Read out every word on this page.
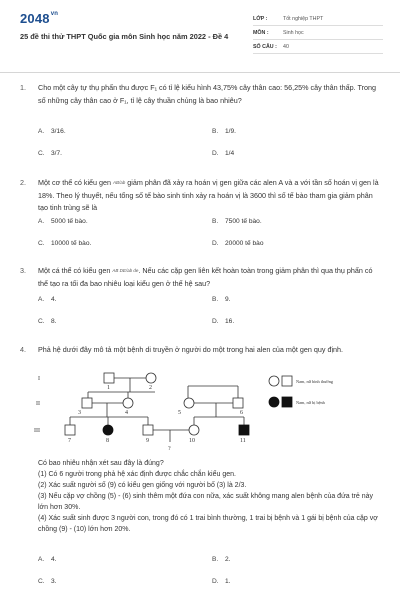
$2048^{vn}$
25 đề thi thử THPT Quốc gia môn Sinh học năm 2022 - Đề 4
LỚP :	Tốt nghiệp THPT
MÔN :	Sinh học
SỐ CÂU :	40
1.	Cho một cây tự thụ phấn thu được F₁ có tỉ lệ kiểu hình 43,75% cây thân cao: 56,25% cây thân thấp. Trong số những cây thân cao ở F₁, tỉ lệ cây thuần chủng là bao nhiêu?
A. 3/16.	B. 1/9.
C. 3/7.	D. 1/4
2.	Một cơ thể có kiểu gen AB/ab giảm phân đã xảy ra hoán vị gen giữa các alen A và a với tần số hoán vị gen là 18%. Theo lý thuyết, nếu tổng số tế bào sinh tinh xảy ra hoán vị là 3600 thì số tế bào tham gia giảm phân tạo tinh trùng sẽ là
A. 5000 tế bào.	B. 7500 tế bào.
C. 10000 tế bào.	D. 20000 tế bào
3.	Một cá thể có kiểu gen AB DE/ab de. Nếu các cặp gen liên kết hoàn toàn trong giảm phân thì qua thụ phấn có thể tạo ra tối đa bao nhiêu loại kiểu gen ở thế hệ sau?
A. 4.	B. 9.
C. 8.	D. 16.
4.	Phả hệ dưới đây mô tả một bệnh di truyền ở người do một trong hai alen của một gen quy định.
I
II
III
1	2
3	4	5	6
7	8	9	10	11
?
Nam, nữ bình thường
Nam, nữ bị bệnh
Có bao nhiêu nhận xét sau đây là đúng?
(1) Có 6 người trong phả hệ xác định được chắc chắn kiểu gen.
(2) Xác suất người số (9) có kiểu gen giống với người bố (3) là 2/3.
(3) Nếu cặp vợ chồng (5) - (6) sinh thêm một đứa con nữa, xác suất không mang alen bệnh của đứa trẻ này lớn hơn 30%.
(4) Xác suất sinh được 3 người con, trong đó có 1 trai bình thường, 1 trai bị bệnh và 1 gái bị bệnh của cặp vợ chồng (9) - (10) lớn hơn 20%.
A. 4.	B. 2.
C. 3.	D. 1.
